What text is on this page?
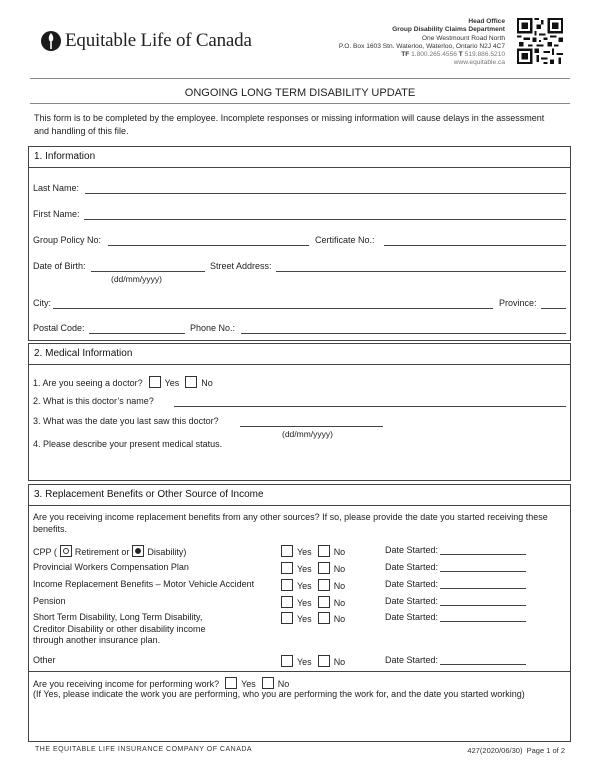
Equitable Life of Canada
Head Office
Group Disability Claims Department
One Westmount Road North
P.O. Box 1603 Stn. Waterloo, Waterloo, Ontario N2J 4C7
TF 1.800.265.4556 T 519.886.5210
www.equitable.ca
ONGOING LONG TERM DISABILITY UPDATE
This form is to be completed by the employee. Incomplete responses or missing information will cause delays in the assessment and handling of this file.
1. Information
Last Name:
First Name:
Group Policy No:	Certificate No.:
Date of Birth:
(dd/mm/yyyy)
Street Address:
City:	Province:
Postal Code:	Phone No.:
2. Medical Information
1. Are you seeing a doctor? Yes No
2. What is this doctor’s name?
3. What was the date you last saw this doctor?
(dd/mm/yyyy)
4. Please describe your present medical status.
3. Replacement Benefits or Other Source of Income
Are you receiving income replacement benefits from any other sources? If so, please provide the date you started receiving these benefits.
CPP ( Retirement or Disability)	Yes No	Date Started:
Provincial Workers Compensation Plan	Yes No	Date Started:
Income Replacement Benefits – Motor Vehicle Accident	Yes No	Date Started:
Pension	Yes No	Date Started:
Short Term Disability, Long Term Disability,
Creditor Disability or other disability income
through another insurance plan.
Yes No	Date Started:
Other	Yes No	Date Started:
Are you receiving income for performing work? Yes No
(If Yes, please indicate the work you are performing, who you are performing the work for, and the date you started working)
THE EQUITABLE LIFE INSURANCE COMPANY OF CANADA	427(2020/06/30) Page 1 of 2
